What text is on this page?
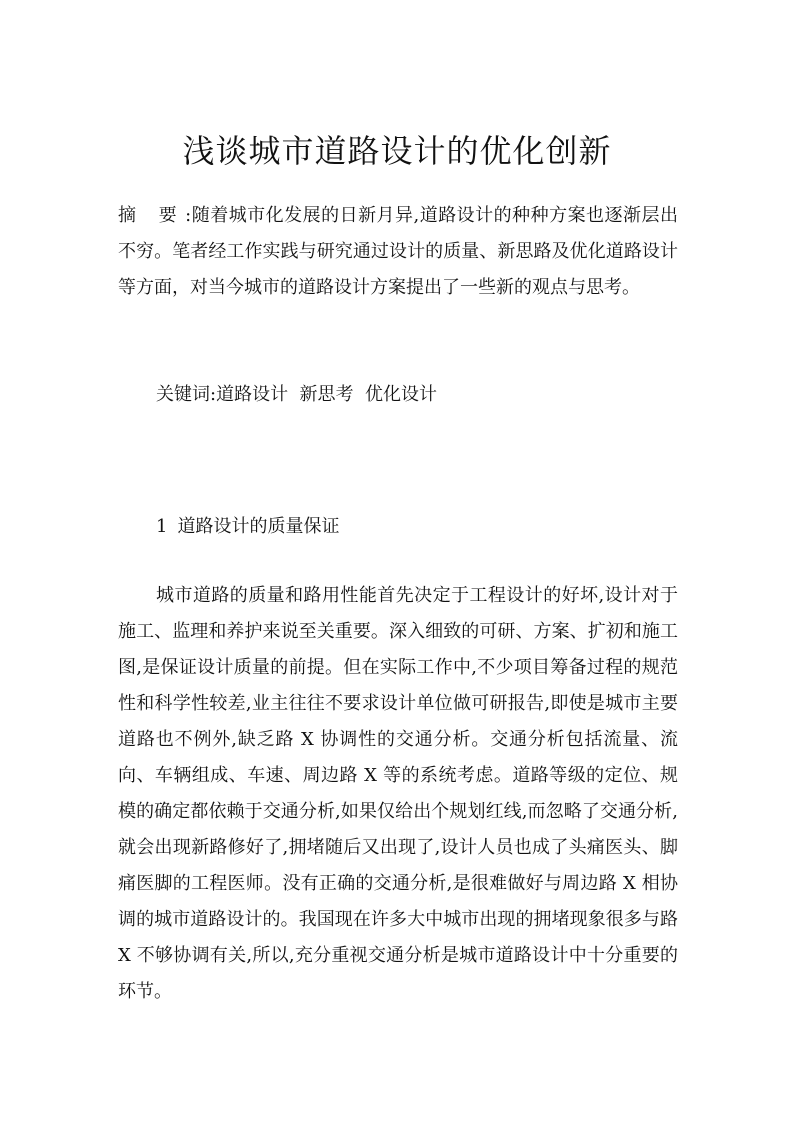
浅谈城市道路设计的优化创新

摘 要:随着城市化发展的日新月异,道路设计的种种方案也逐渐层出不穷。笔者经工作实践与研究通过设计的质量、新思路及优化道路设计等方面，对当今城市的道路设计方案提出了一些新的观点与思考。

关键词:道路设计  新思考  优化设计

1 道路设计的质量保证

城市道路的质量和路用性能首先决定于工程设计的好坏,设计对于施工、监理和养护来说至关重要。深入细致的可研、方案、扩初和施工图,是保证设计质量的前提。但在实际工作中,不少项目筹备过程的规范性和科学性较差,业主往往不要求设计单位做可研报告,即使是城市主要道路也不例外,缺乏路 X 协调性的交通分析。交通分析包括流量、流向、车辆组成、车速、周边路 X 等的系统考虑。道路等级的定位、规模的确定都依赖于交通分析,如果仅给出个规划红线,而忽略了交通分析,就会出现新路修好了,拥堵随后又出现了,设计人员也成了头痛医头、脚痛医脚的工程医师。没有正确的交通分析,是很难做好与周边路 X 相协调的城市道路设计的。我国现在许多大中城市出现的拥堵现象很多与路 X 不够协调有关,所以,充分重视交通分析是城市道路设计中十分重要的环节。
